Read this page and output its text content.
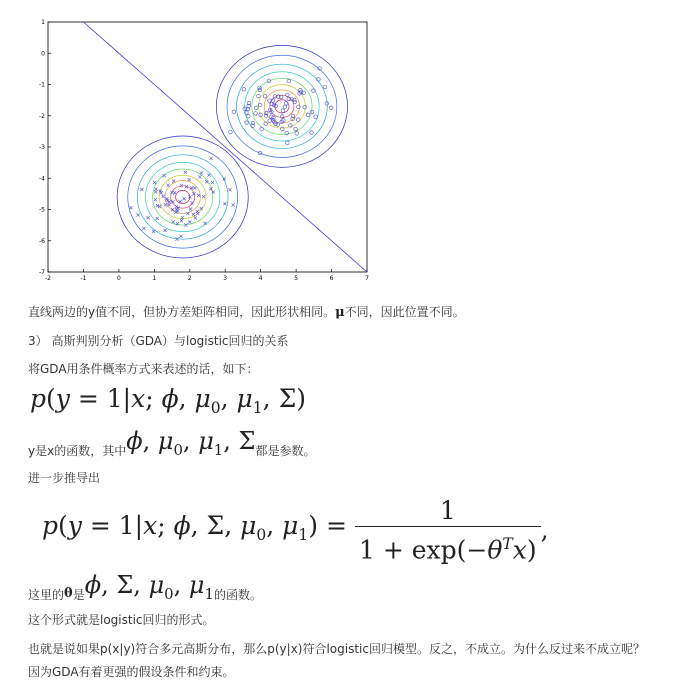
-2	-1	0	1	2	3	4	5	6	7
1
0
-1
-2
-3
-4
-5
-6
-7
直线两边的y值不同，但协方差矩阵相同，因此形状相同。μ不同，因此位置不同。
3） 高斯判别分析（GDA）与logistic回归的关系
将GDA用条件概率方式来表述的话，如下：
p(y = 1|x; ϕ, $\mu_0$, $\mu_1$, Σ)
y是x的函数，其中ϕ, $\mu_0$, $\mu_1$, Σ都是参数。
进一步推导出
p(y = 1|x; ϕ, Σ, $\mu_0$, $\mu_1) = \frac{1}{1 + \exp(-\theta^Tx)}$ ,
这里的θ是ϕ, Σ, $\mu_0$, $\mu_1$的函数。
这个形式就是logistic回归的形式。
也就是说如果p(x|y)符合多元高斯分布，那么p(y|x)符合logistic回归模型。反之，不成立。为什么反过来不成立呢？
因为GDA有着更强的假设条件和约束。
